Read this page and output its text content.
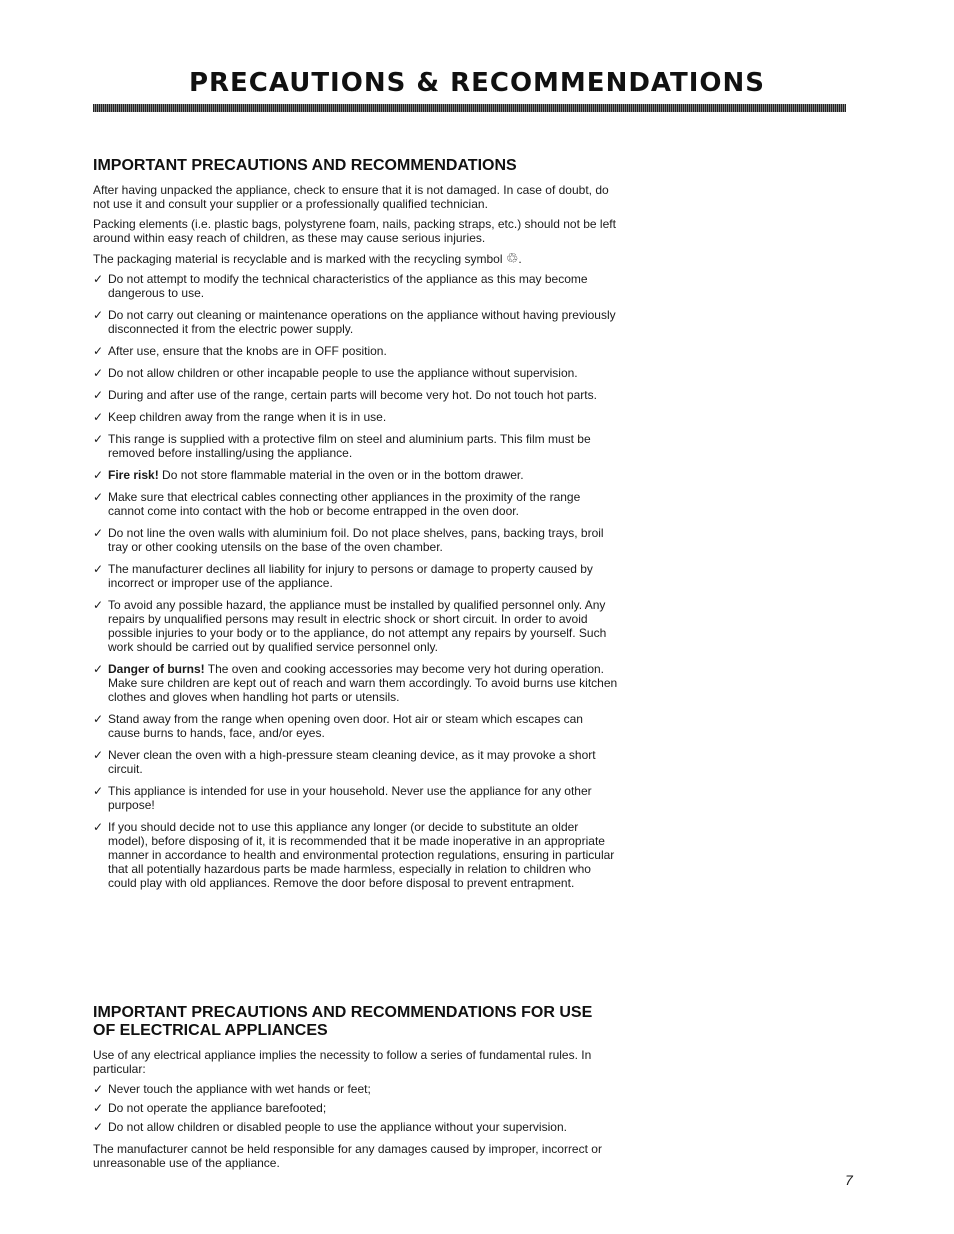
PRECAUTIONS & RECOMMENDATIONS
IMPORTANT PRECAUTIONS AND RECOMMENDATIONS

After having unpacked the appliance, check to ensure that it is not damaged. In case of doubt, do not use it and consult your supplier or a professionally qualified technician.

Packing elements (i.e. plastic bags, polystyrene foam, nails, packing straps, etc.) should not be left around within easy reach of children, as these may cause serious injuries.

The packaging material is recyclable and is marked with the recycling symbol ♲.

✓ Do not attempt to modify the technical characteristics of the appliance as this may become dangerous to use.
✓ Do not carry out cleaning or maintenance operations on the appliance without having previously disconnected it from the electric power supply.
✓ After use, ensure that the knobs are in OFF position.
✓ Do not allow children or other incapable people to use the appliance without supervision.
✓ During and after use of the range, certain parts will become very hot. Do not touch hot parts.
✓ Keep children away from the range when it is in use.
✓ This range is supplied with a protective film on steel and aluminium parts. This film must be removed before installing/using the appliance.
✓ Fire risk! Do not store flammable material in the oven or in the bottom drawer.
✓ Make sure that electrical cables connecting other appliances in the proximity of the range cannot come into contact with the hob or become entrapped in the oven door.
✓ Do not line the oven walls with aluminium foil. Do not place shelves, pans, backing trays, broil tray or other cooking utensils on the base of the oven chamber.
✓ The manufacturer declines all liability for injury to persons or damage to property caused by incorrect or improper use of the appliance.
✓ To avoid any possible hazard, the appliance must be installed by qualified personnel only. Any repairs by unqualified persons may result in electric shock or short circuit. In order to avoid possible injuries to your body or to the appliance, do not attempt any repairs by yourself. Such work should be carried out by qualified service personnel only.
✓ Danger of burns! The oven and cooking accessories may become very hot during operation. Make sure children are kept out of reach and warn them accordingly. To avoid burns use kitchen clothes and gloves when handling hot parts or utensils.
✓ Stand away from the range when opening oven door. Hot air or steam which escapes can cause burns to hands, face, and/or eyes.
✓ Never clean the oven with a high-pressure steam cleaning device, as it may provoke a short circuit.
✓ This appliance is intended for use in your household. Never use the appliance for any other purpose!
✓ If you should decide not to use this appliance any longer (or decide to substitute an older model), before disposing of it, it is recommended that it be made inoperative in an appropriate manner in accordance to health and environmental protection regulations, ensuring in particular that all potentially hazardous parts be made harmless, especially in relation to children who could play with old appliances. Remove the door before disposal to prevent entrapment.
IMPORTANT PRECAUTIONS AND RECOMMENDATIONS FOR USE OF ELECTRICAL APPLIANCES

Use of any electrical appliance implies the necessity to follow a series of fundamental rules. In particular:

✓ Never touch the appliance with wet hands or feet;
✓ Do not operate the appliance barefooted;
✓ Do not allow children or disabled people to use the appliance without your supervision.

The manufacturer cannot be held responsible for any damages caused by improper, incorrect or unreasonable use of the appliance.

7
